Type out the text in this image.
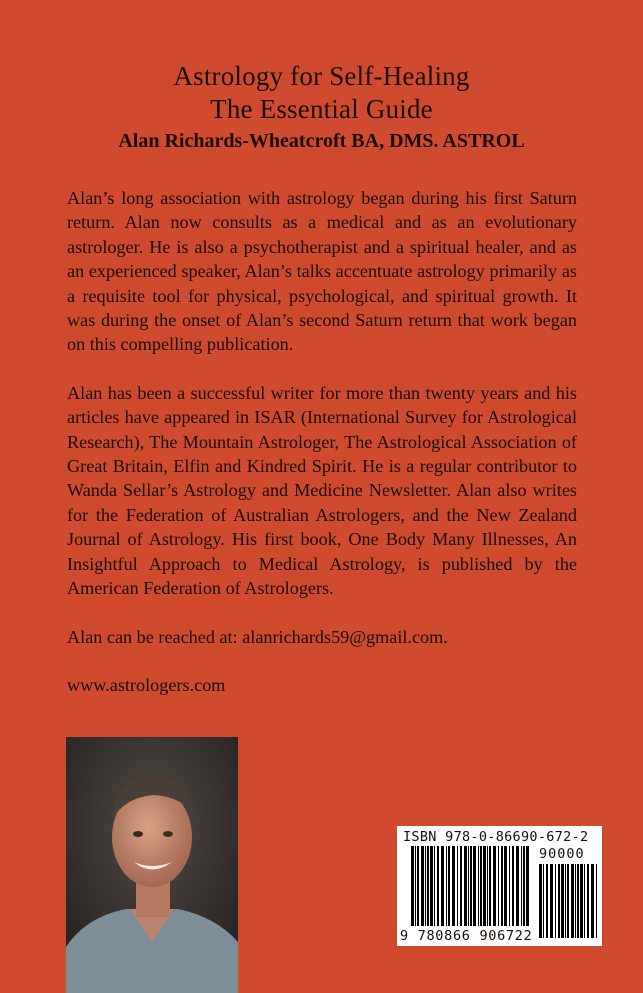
Astrology for Self-Healing
The Essential Guide
Alan Richards-Wheatcroft BA, DMS. ASTROL

Alan’s long association with astrology began during his first Saturn return. Alan now consults as a medical and as an evolutionary astrologer. He is also a psychotherapist and a spiritual healer, and as an experienced speaker, Alan’s talks accentuate astrology primarily as a requisite tool for physical, psychological, and spiritual growth. It was during the onset of Alan’s second Saturn return that work began on this compelling publication.

Alan has been a successful writer for more than twenty years and his articles have appeared in ISAR (International Survey for Astrological Research), The Mountain Astrologer, The Astrological Association of Great Britain, Elfin and Kindred Spirit. He is a regular contributor to Wanda Sellar’s Astrology and Medicine Newsletter. Alan also writes for the Federation of Australian Astrologers, and the New Zealand Journal of Astrology. His first book, One Body Many Illnesses, An Insightful Approach to Medical Astrology, is published by the American Federation of Astrologers.

Alan can be reached at: alanrichards59@gmail.com.

www.astrologers.com

ISBN 978-0-86690-672-2
90000
9 780866 906722
